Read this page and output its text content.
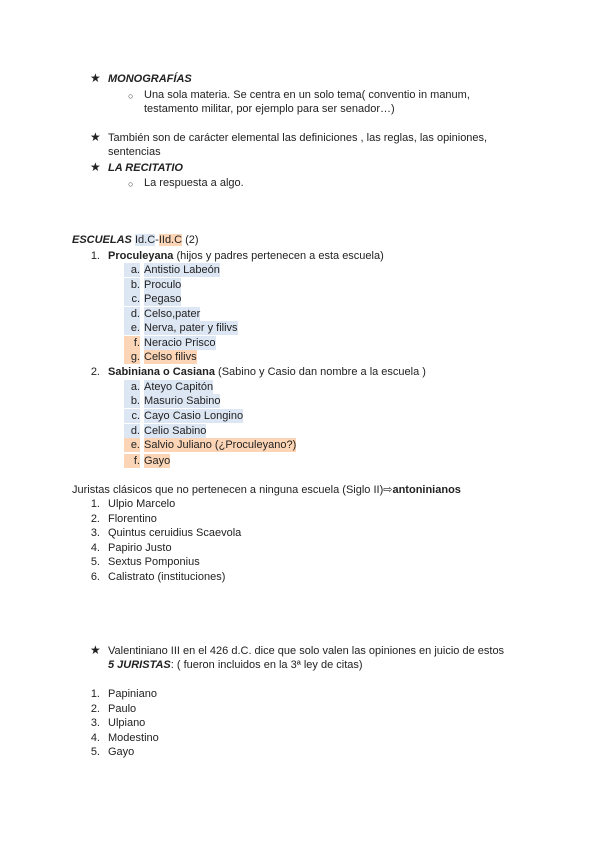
★ MONOGRAFÍAS
○ Una sola materia. Se centra en un solo tema( conventio in manum,
testamento militar, por ejemplo para ser senador…)
★ También son de carácter elemental las definiciones , las reglas, las opiniones,
sentencias
★ LA RECITATIO
○ La respuesta a algo.
ESCUELAS Id.C-IId.C (2)
1. Proculeyana (hijos y padres pertenecen a esta escuela)
a. Antistio Labeón
b. Proculo
c. Pegaso
d. Celso,pater
e. Nerva, pater y filivs
f. Neracio Prisco
g. Celso filivs
2. Sabiniana o Casiana (Sabino y Casio dan nombre a la escuela )
a. Ateyo Capitón
b. Masurio Sabino
c. Cayo Casio Longino
d. Celio Sabino
e. Salvio Juliano (¿Proculeyano?)
f. Gayo
Juristas clásicos que no pertenecen a ninguna escuela (Siglo II)⇨antoninianos
1. Ulpio Marcelo
2. Florentino
3. Quintus ceruidius Scaevola
4. Papirio Justo
5. Sextus Pomponius
6. Calistrato (instituciones)
★ Valentiniano III en el 426 d.C. dice que solo valen las opiniones en juicio de estos
5 JURISTAS: ( fueron incluidos en la 3ª ley de citas)
1. Papiniano
2. Paulo
3. Ulpiano
4. Modestino
5. Gayo
